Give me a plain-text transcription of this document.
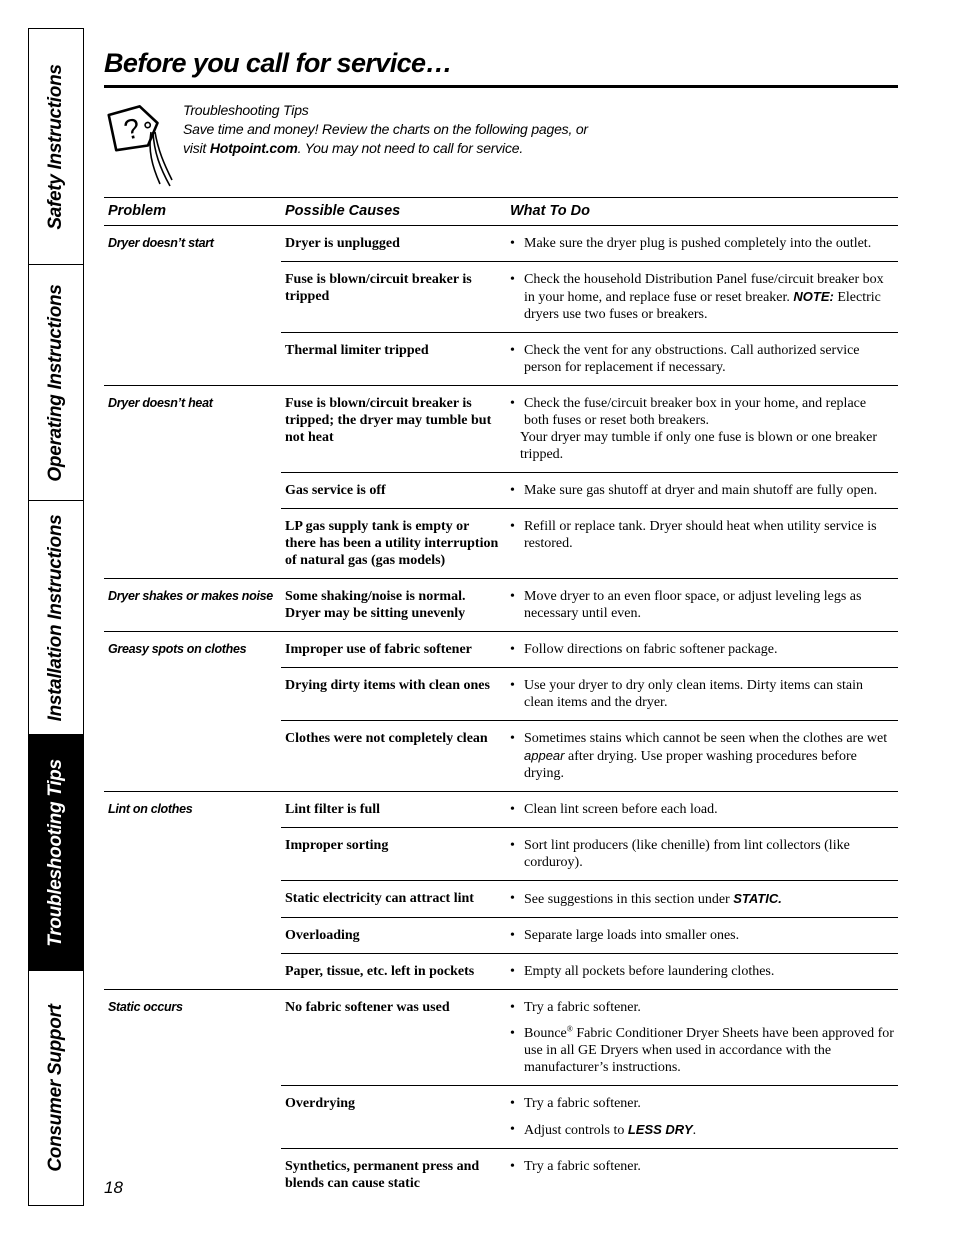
Safety Instructions
Operating Instructions
Installation Instructions
Troubleshooting Tips
Consumer Support
Before you call for service…
?
Troubleshooting Tips
Save time and money! Review the charts on the following pages, or
visit Hotpoint.com. You may not need to call for service.
Problem	Possible Causes	What To Do
Dryer doesn’t start	Dryer is unplugged	• Make sure the dryer plug is pushed completely into the outlet.

	Fuse is blown/circuit breaker is tripped	• Check the household Distribution Panel fuse/circuit breaker box in your home, and replace fuse or reset breaker. NOTE: Electric dryers use two fuses or breakers.

	Thermal limiter tripped	• Check the vent for any obstructions. Call authorized service person for replacement if necessary.

Dryer doesn’t heat	Fuse is blown/circuit breaker is tripped; the dryer may tumble but not heat	• Check the fuse/circuit breaker box in your home, and replace both fuses or reset both breakers.
Your dryer may tumble if only one fuse is blown or one breaker tripped.

	Gas service is off	• Make sure gas shutoff at dryer and main shutoff are fully open.

	LP gas supply tank is empty or there has been a utility interruption of natural gas (gas models)	• Refill or replace tank. Dryer should heat when utility service is restored.

Dryer shakes or makes noise	Some shaking/noise is normal. Dryer may be sitting unevenly	• Move dryer to an even floor space, or adjust leveling legs as necessary until even.

Greasy spots on clothes	Improper use of fabric softener	• Follow directions on fabric softener package.

	Drying dirty items with clean ones	• Use your dryer to dry only clean items. Dirty items can stain clean items and the dryer.

	Clothes were not completely clean	• Sometimes stains which cannot be seen when the clothes are wet appear after drying. Use proper washing procedures before drying.

Lint on clothes	Lint filter is full	• Clean lint screen before each load.

	Improper sorting	• Sort lint producers (like chenille) from lint collectors (like corduroy).

	Static electricity can attract lint	• See suggestions in this section under STATIC.

	Overloading	• Separate large loads into smaller ones.

	Paper, tissue, etc. left in pockets	• Empty all pockets before laundering clothes.

Static occurs	No fabric softener was used	• Try a fabric softener.
• Bounce® Fabric Conditioner Dryer Sheets have been approved for use in all GE Dryers when used in accordance with the manufacturer’s instructions.

	Overdrying	• Try a fabric softener.
• Adjust controls to LESS DRY.

	Synthetics, permanent press and blends can cause static	• Try a fabric softener.
18
